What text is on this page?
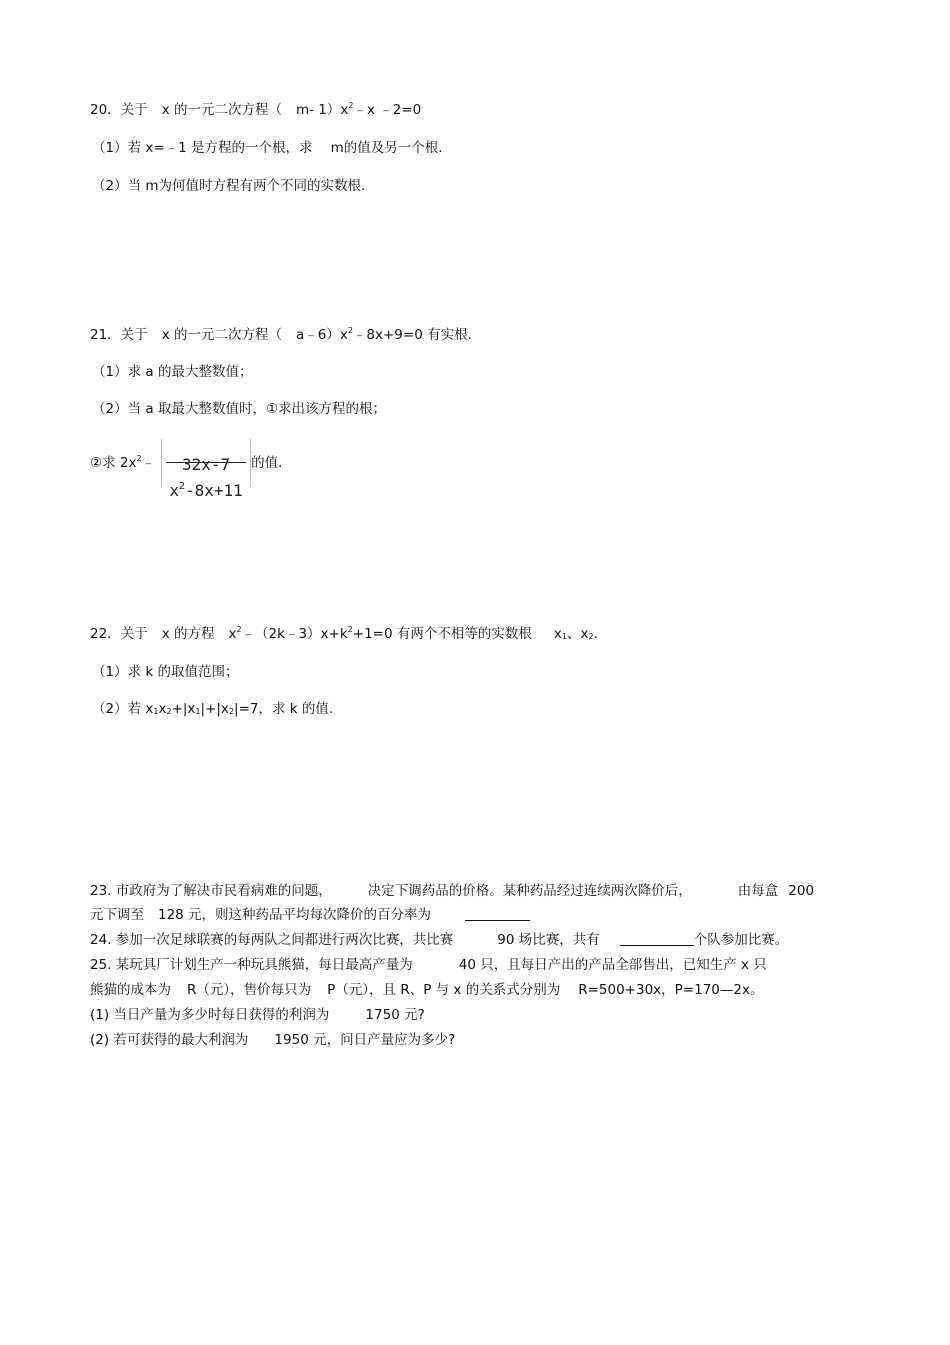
20．关于 x 的一元二次方程（ m- $1)x^2﹣x$ ﹣2=0
（1）若 x=﹣1 是方程的一个根，求 m的值及另一个根.
（2）当 m为何值时方程有两个不同的实数根.
21．关于 x 的一元二次方程（ $a﹣6)x^2﹣8x+9=0$ 有实根.
（1）求 a 的最大整数值；
（2）当 a 取最大整数值时，①求出该方程的根；
②求 $2x^2﹣$	32x-7
$x^2-8x+11$
的值.
22．关于 x 的方程 $x^2﹣(2k﹣3)x+k^2+1=0$ 有两个不相等的实数根 $x_1$、$x_2$.
（1）求 k 的取值范围；
（2）若 $x_1x_2+|x_1|+|x_2|=7$，求 k 的值.
23. 市政府为了解决市民看病难的问题，	决定下调药品的价格。某种药品经过连续两次降价后，	由每盒 200
元下调至 128 元，则这种药品平均每次降价的百分率为
24. 参加一次足球联赛的每两队之间都进行两次比赛，共比赛	90 场比赛，共有	个队参加比赛。
25. 某玩具厂计划生产一种玩具熊猫，每日最高产量为	40 只，且每日产出的产品全部售出，已知生产 x 只
熊猫的成本为 R（元），售价每只为 P（元），且 R、P 与 x 的关系式分别为 R=500+30x，P=170—2x。
(1) 当日产量为多少时每日获得的利润为	1750 元?
(2) 若可获得的最大利润为 1950 元，问日产量应为多少?
